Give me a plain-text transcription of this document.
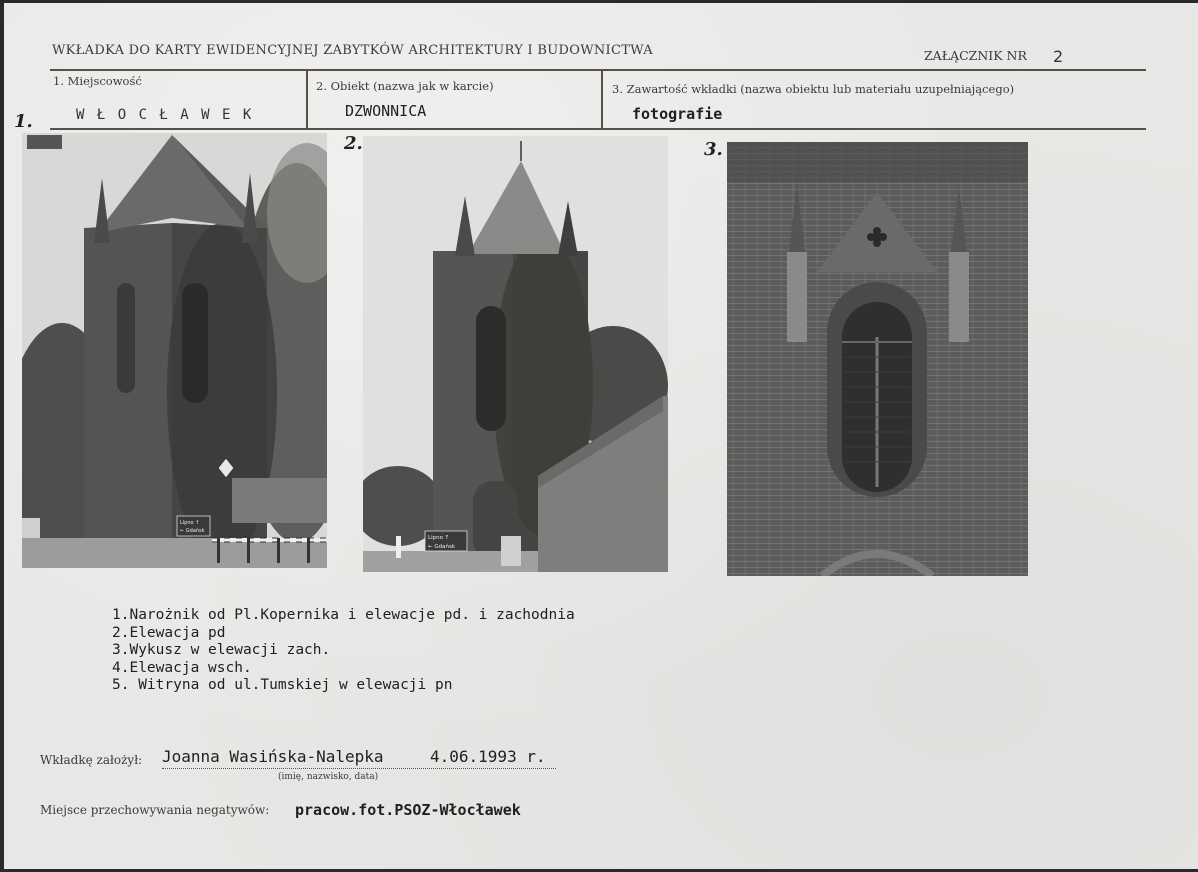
WKŁADKA DO KARTY EWIDENCYJNEJ ZABYTKÓW ARCHITEKTURY I BUDOWNICTWA	ZAŁĄCZNIK NR 2
1. Miejscowość
W Ł O C Ł A W E K
2. Obiekt (nazwa jak w karcie)
DZWONNICA
3. Zawartość wkładki (nazwa obiektu lub materiału uzupełniającego)
fotografie
1.
2.	3.
Lipno ↑
← Gdańsk
Lipno ↑
← Gdańsk
1.Narożnik od Pl.Kopernika i elewacje pd. i zachodnia
2.Elewacja pd
3.Wykusz w elewacji zach.
4.Elewacja wsch.
5. Witryna od ul.Tumskiej w elewacji pn
Wkładkę założył: Joanna Wasińska-Nalepka	4.06.1993 r.
(imię, nazwisko, data)
Miejsce przechowywania negatywów: pracow.fot.PSOZ-Włocławek
